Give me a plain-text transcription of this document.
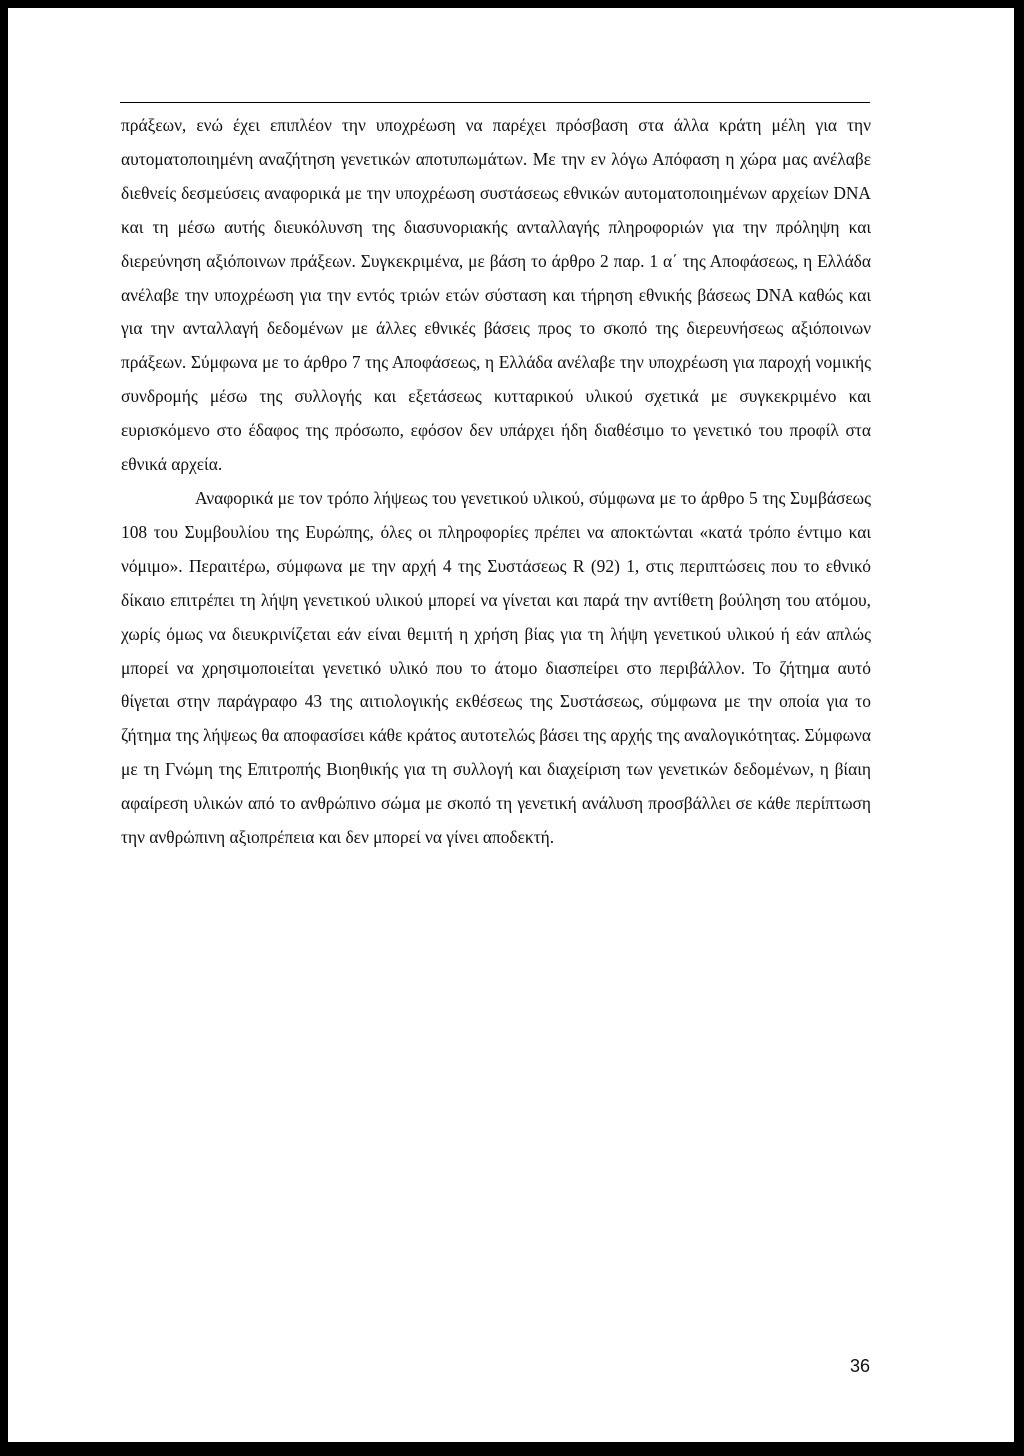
πράξεων, ενώ έχει επιπλέον την υποχρέωση να παρέχει πρόσβαση στα άλλα κράτη μέλη για την αυτοματοποιημένη αναζήτηση γενετικών αποτυπωμάτων. Με την εν λόγω Απόφαση η χώρα μας ανέλαβε διεθνείς δεσμεύσεις αναφορικά με την υποχρέωση συστάσεως εθνικών αυτοματοποιημένων αρχείων DNA και τη μέσω αυτής διευκόλυνση της διασυνοριακής ανταλλαγής πληροφοριών για την πρόληψη και διερεύνηση αξιόποινων πράξεων. Συγκεκριμένα, με βάση το άρθρο 2 παρ. 1 α΄ της Αποφάσεως, η Ελλάδα ανέλαβε την υποχρέωση για την εντός τριών ετών σύσταση και τήρηση εθνικής βάσεως DNA καθώς και για την ανταλλαγή δεδομένων με άλλες εθνικές βάσεις προς το σκοπό της διερευνήσεως αξιόποινων πράξεων. Σύμφωνα με το άρθρο 7 της Αποφάσεως, η Ελλάδα ανέλαβε την υποχρέωση για παροχή νομικής συνδρομής μέσω της συλλογής και εξετάσεως κυτταρικού υλικού σχετικά με συγκεκριμένο και ευρισκόμενο στο έδαφος της πρόσωπο, εφόσον δεν υπάρχει ήδη διαθέσιμο το γενετικό του προφίλ στα εθνικά αρχεία.

Αναφορικά με τον τρόπο λήψεως του γενετικού υλικού, σύμφωνα με το άρθρο 5 της Συμβάσεως 108 του Συμβουλίου της Ευρώπης, όλες οι πληροφορίες πρέπει να αποκτώνται «κατά τρόπο έντιμο και νόμιμο». Περαιτέρω, σύμφωνα με την αρχή 4 της Συστάσεως R (92) 1, στις περιπτώσεις που το εθνικό δίκαιο επιτρέπει τη λήψη γενετικού υλικού μπορεί να γίνεται και παρά την αντίθετη βούληση του ατόμου, χωρίς όμως να διευκρινίζεται εάν είναι θεμιτή η χρήση βίας για τη λήψη γενετικού υλικού ή εάν απλώς μπορεί να χρησιμοποιείται γενετικό υλικό που το άτομο διασπείρει στο περιβάλλον. Το ζήτημα αυτό θίγεται στην παράγραφο 43 της αιτιολογικής εκθέσεως της Συστάσεως, σύμφωνα με την οποία για το ζήτημα της λήψεως θα αποφασίσει κάθε κράτος αυτοτελώς βάσει της αρχής της αναλογικότητας. Σύμφωνα με τη Γνώμη της Επιτροπής Βιοηθικής για τη συλλογή και διαχείριση των γενετικών δεδομένων, η βίαιη αφαίρεση υλικών από το ανθρώπινο σώμα με σκοπό τη γενετική ανάλυση προσβάλλει σε κάθε περίπτωση την ανθρώπινη αξιοπρέπεια και δεν μπορεί να γίνει αποδεκτή.

36
